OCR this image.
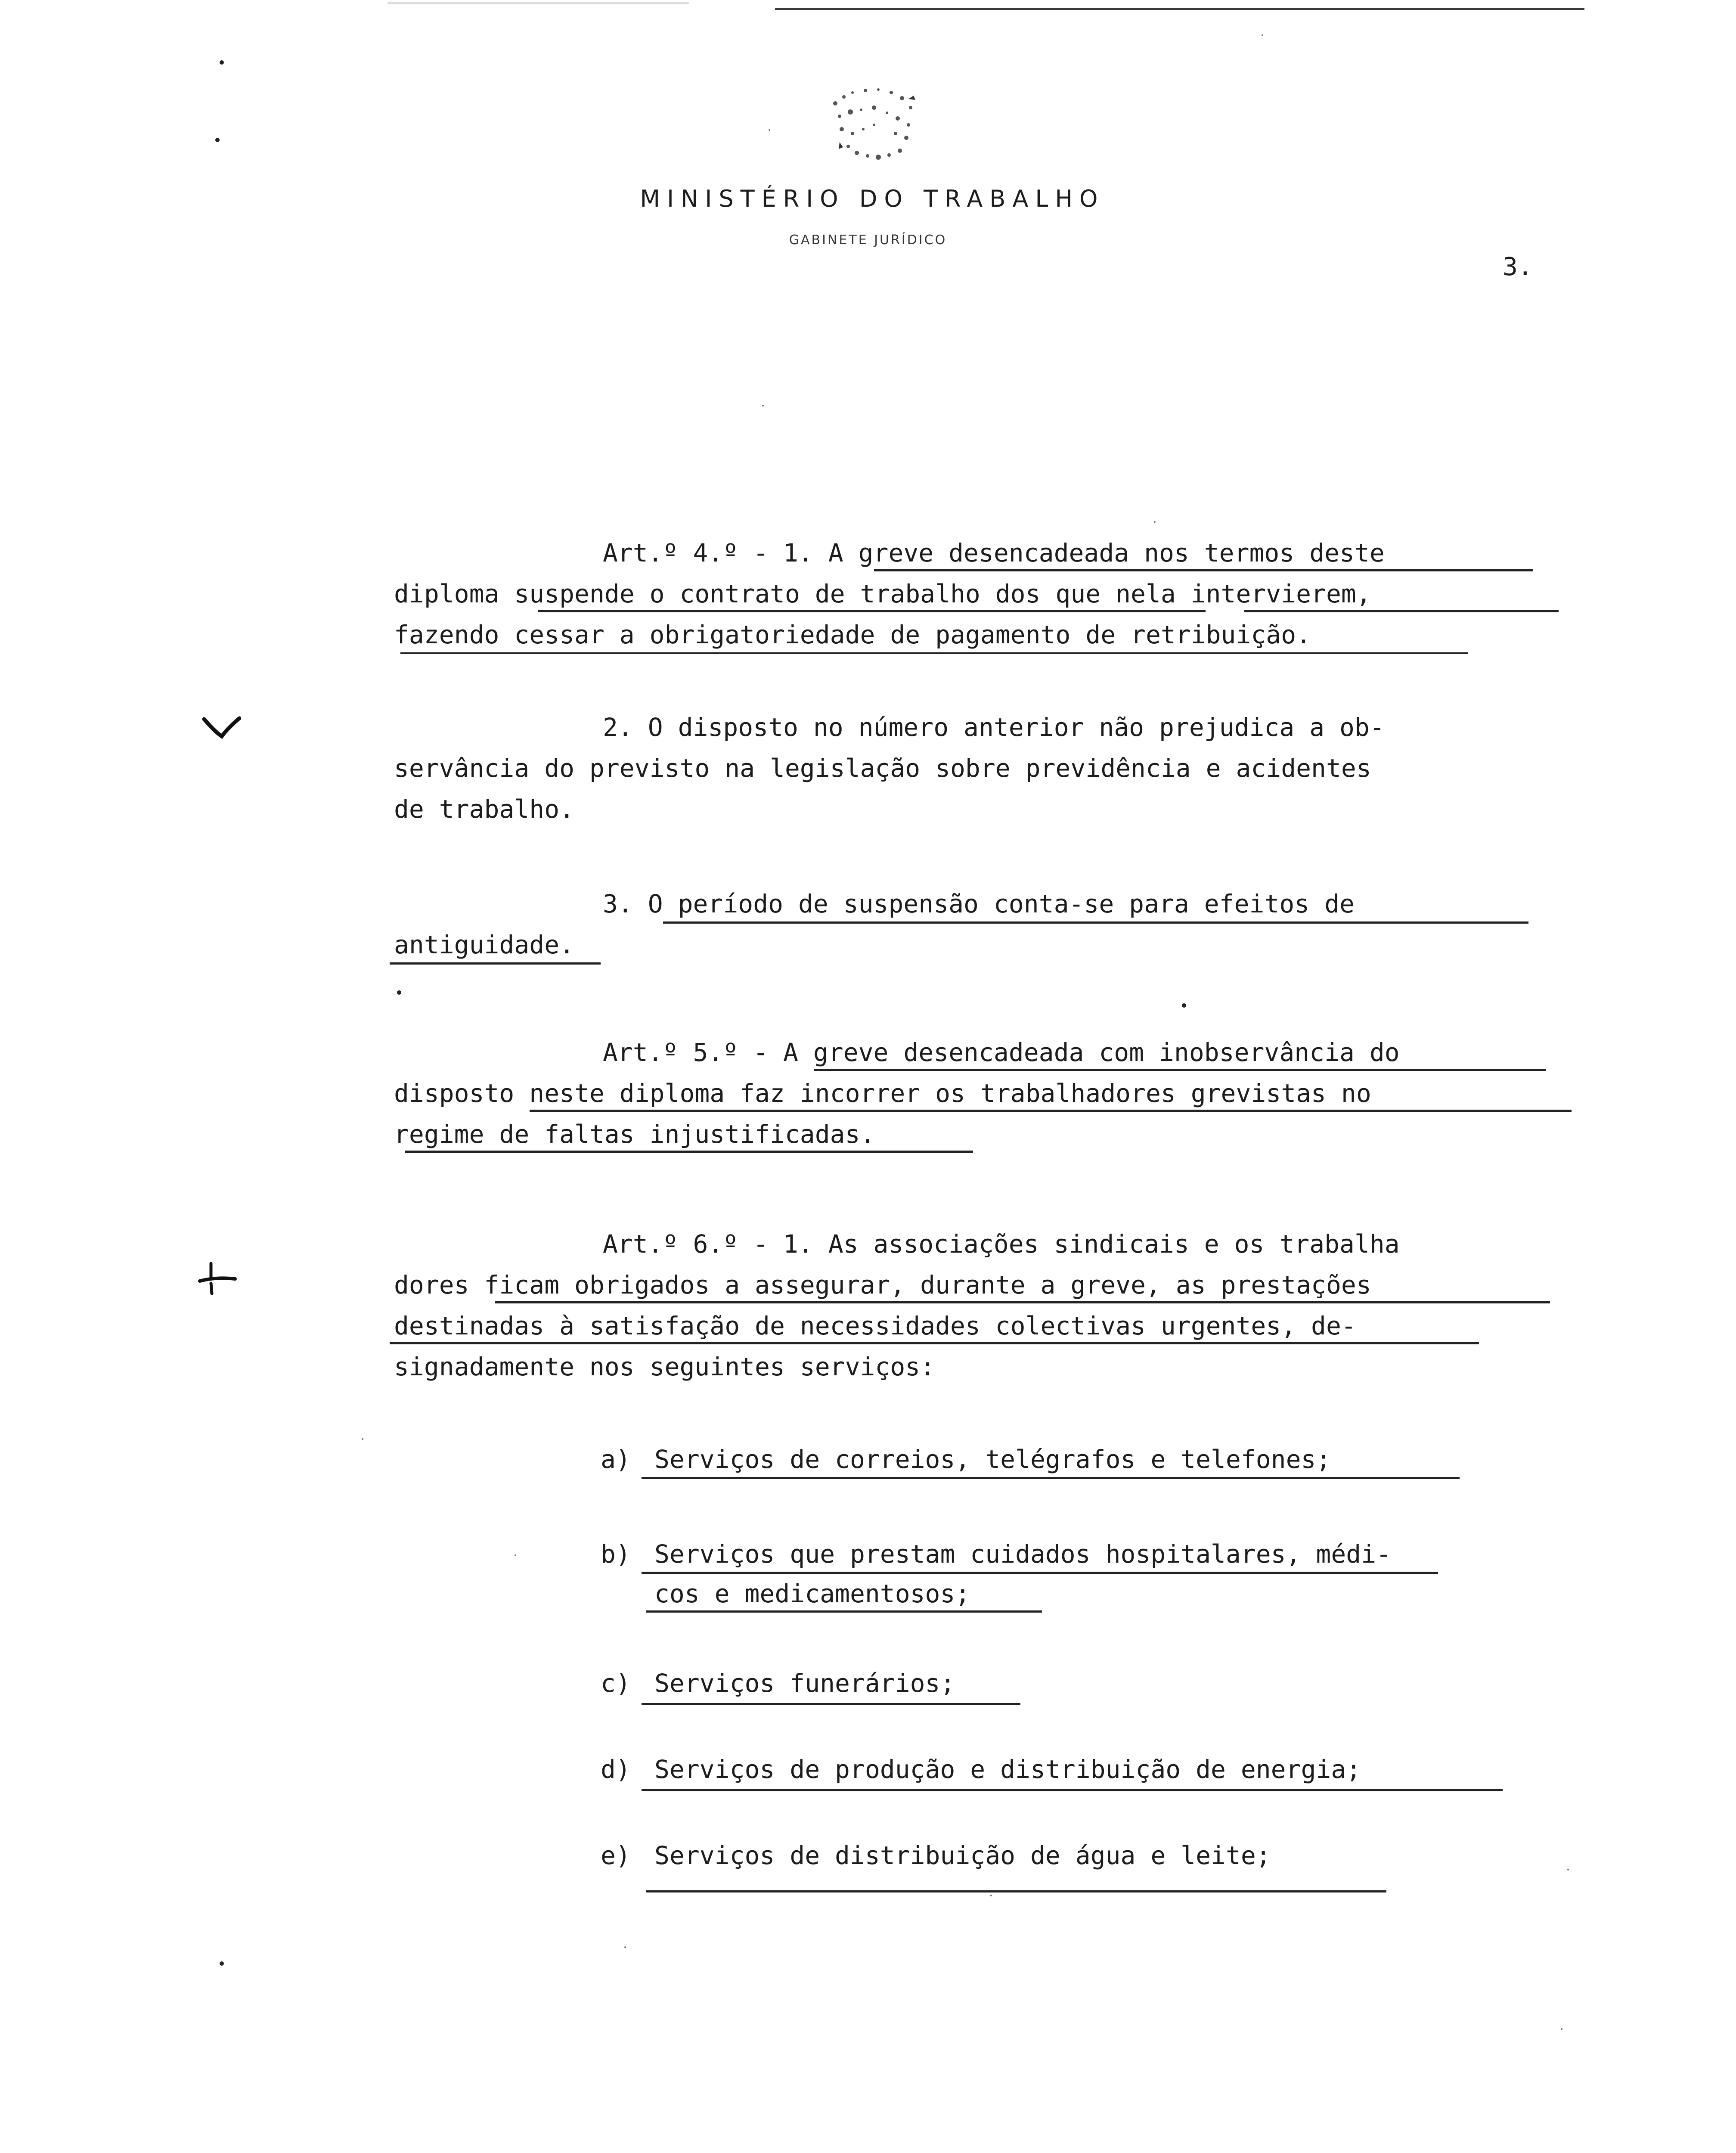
MINISTÉRIO DO TRABALHO
GABINETE JURÍDICO
3.
Art.º 4.º - 1. A greve desencadeada nos termos deste
diploma suspende o contrato de trabalho dos que nela intervierem,
fazendo cessar a obrigatoriedade de pagamento de retribuição.
2. O disposto no número anterior não prejudica a ob-
servância do previsto na legislação sobre previdência e acidentes
de trabalho.
3. O período de suspensão conta-se para efeitos de
antiguidade.
Art.º 5.º - A greve desencadeada com inobservância do
disposto neste diploma faz incorrer os trabalhadores grevistas no
regime de faltas injustificadas.
Art.º 6.º - 1. As associações sindicais e os trabalha
dores ficam obrigados a assegurar, durante a greve, as prestações
destinadas à satisfação de necessidades colectivas urgentes, de-
signadamente nos seguintes serviços:
a) Serviços de correios, telégrafos e telefones;
b) Serviços que prestam cuidados hospitalares, médi-
cos e medicamentosos;
c) Serviços funerários;
d) Serviços de produção e distribuição de energia;
e) Serviços de distribuição de água e leite;
